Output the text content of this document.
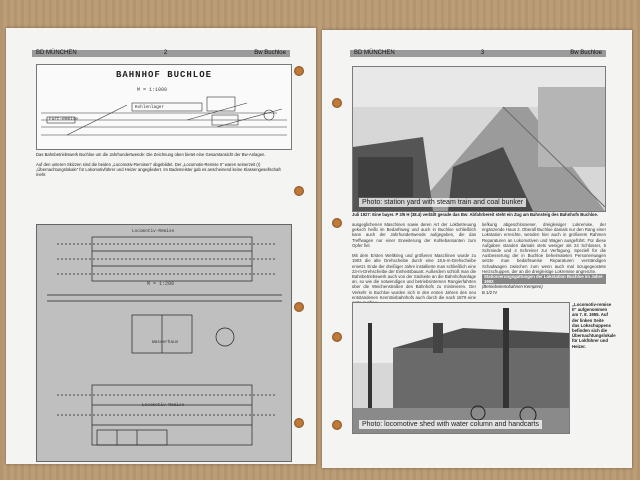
BD MÜNCHEN	2	Bw Buchloe
BAHNHOF BUCHLOE
M = 1:1000
Furt-Remise
Kohlenlager
Das Bahnbetriebswerk Buchloe um die Jahrhundertwende: Die Zeichnung oben bietet eine Gesamtansicht der Bw-Anlagen.
Auf den unteren Skizzen sind die beiden „Locomotiv-Remisen“ abgebildet. Der „Locomotiv-Remise II“ waren seinerzeit (!) „Übernachtungslokale“ für Lokomotivführer und Heizer angegliedert. Im Bademeister gab es anscheinend keine Klassengesellschaft mehr.
Locomotiv-Remise
M = 1:200
Wasserhaus
Locomotiv-Remise
BD MÜNCHEN	3	Bw Buchloe
Photo: station yard with steam train and coal bunker
Juli 1927: Eine bayer. P 3/5 H (38.4) verläßt gerade das Bw: Abfahrbereit steht ein Zug am Bahnsteig des Bahnhofs Buchloe.
ausgeglichenen Maschinen sowie deren Art der Lokbetreuung gekoch heißt im Bedarfsweg und auch in Buchloe schließlich kann auch der Jahrhundertwende aufgegeben, die das Treffwagen nur einer Erweiterung der Kohlebansanten zum Opfer fiel.

Mit dem Ersten Weltkrieg und größeren Maschinen wurde zu 1903 die alte Drehscheibe durch eine 18,5-m-Drehscheibe ersetzt. Ende der dreißiger Jahre installierte man schließlich eine 23-m-Drehscheibe der Einheitsbauart. Außerdem schloß man die Bahnbetriebswerk auch von der Südseite an die Bahnhofsanlage an, so wie die notwendigen und betriebsinternen Rangierfahrten über die Weichenstraßen des Bahnhofs zu minimieren. Der Verkehr in Buchloe wurden sich in den ersten Jahren des neu entstandenen Kenntnisbahnhofs auch durch die nach 1879 eine
tiefkurig abgeschlossener, dreigleisiger Lokremise, der ergänzende Haus 2. Oberall Buchloe damals nur den Rang einer Lokstation erreichte, wenden hier auch in größerem Rahmen Reparaturen an Lokomotiven und Wagen ausgeführt. Für diese Aufgaben standen damals stets weniger als 24 Schlosser, 5 Schmiede und 4 Schreiner zur Verfügung. Speziell für die Ausbesserung der in Buchloe beheimateten Personenwagen setzte man bedarfsweise Reparaturen verständigen Schadwagen zwischen zum wenn auch mal inzugegeostete Heizschuppen, der an die dreigleisige Lokremise angrenzte.
Stationierungsgattungen der Lokstation Buchloe im Jahre 1902
(Betriebskennbahnen Kempten)
B 1/2 IV
Photo: locomotive shed with water column and handcarts
„Locomotiv-remise II“ aufgenommen am 7. 8. 1955. Auf der linken Seite das Lokschuppens befinden sich die Übernachtungslokale für Lokführer und Heizer.
